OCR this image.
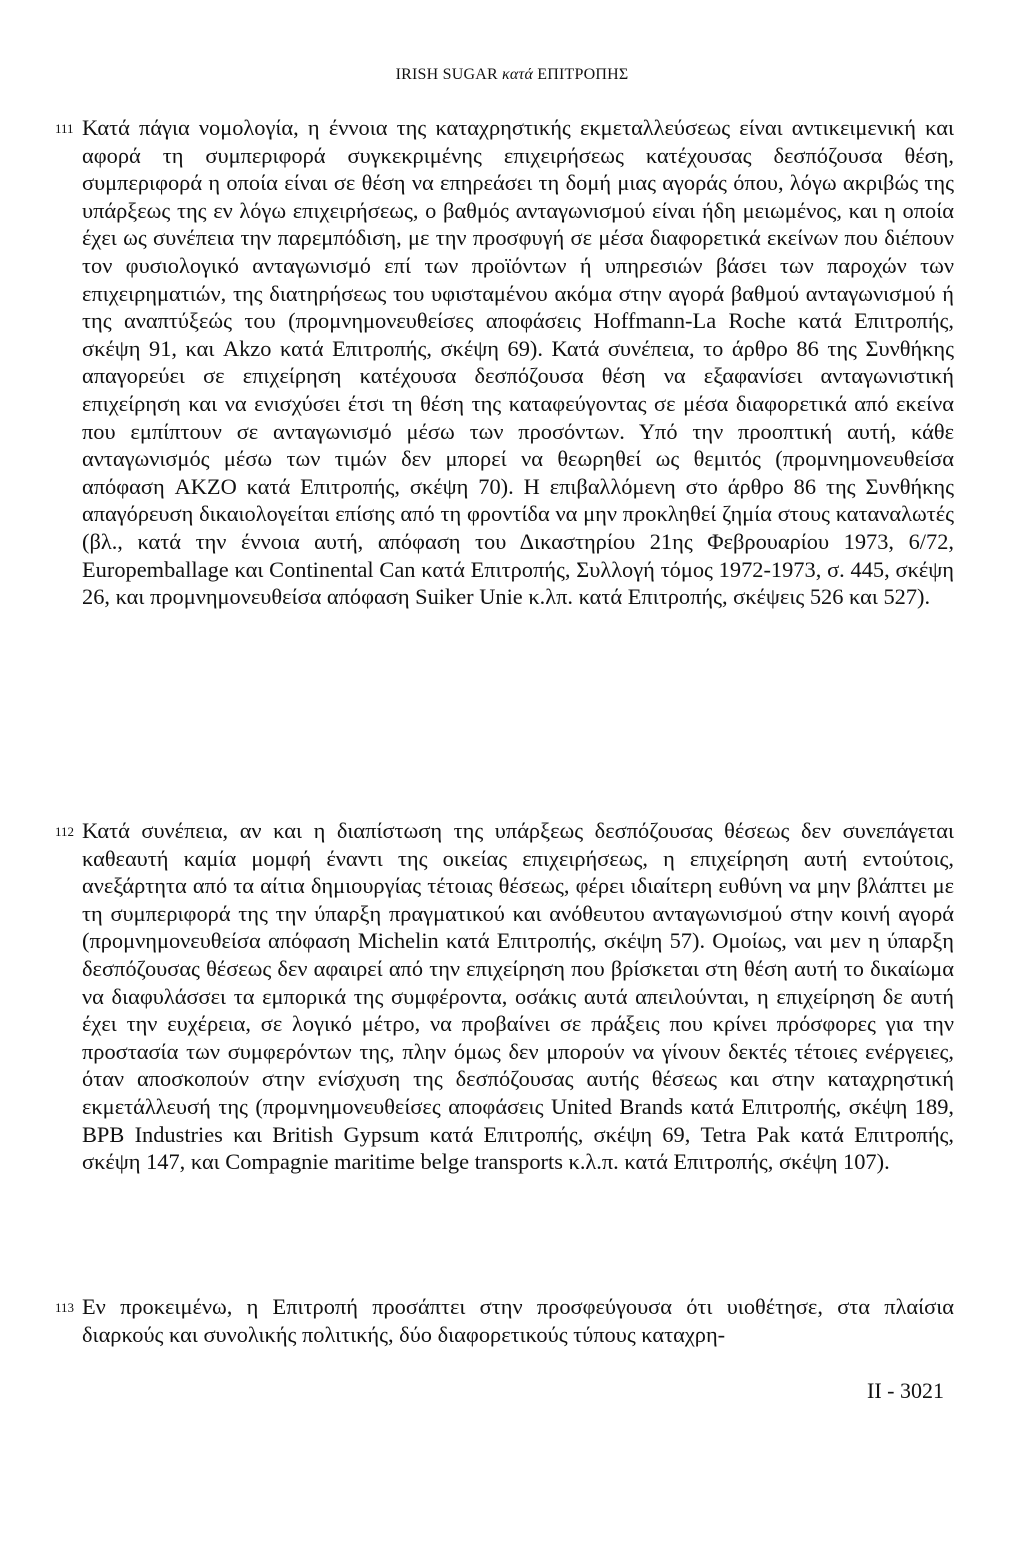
IRISH SUGAR κατά ΕΠΙΤΡΟΠΗΣ
111 Κατά πάγια νομολογία, η έννοια της καταχρηστικής εκμεταλλεύσεως είναι αντικειμενική και αφορά τη συμπεριφορά συγκεκριμένης επιχειρήσεως κατέχουσας δεσπόζουσα θέση, συμπεριφορά η οποία είναι σε θέση να επηρεάσει τη δομή μιας αγοράς όπου, λόγω ακριβώς της υπάρξεως της εν λόγω επιχειρήσεως, ο βαθμός ανταγωνισμού είναι ήδη μειωμένος, και η οποία έχει ως συνέπεια την παρεμπόδιση, με την προσφυγή σε μέσα διαφορετικά εκείνων που διέπουν τον φυσιολογικό ανταγωνισμό επί των προϊόντων ή υπηρεσιών βάσει των παροχών των επιχειρηματιών, της διατηρήσεως του υφισταμένου ακόμα στην αγορά βαθμού ανταγωνισμού ή της αναπτύξεώς του (προμνημονευθείσες αποφάσεις Hoffmann-La Roche κατά Επιτροπής, σκέψη 91, και Akzo κατά Επιτροπής, σκέψη 69). Κατά συνέπεια, το άρθρο 86 της Συνθήκης απαγορεύει σε επιχείρηση κατέχουσα δεσπόζουσα θέση να εξαφανίσει ανταγωνιστική επιχείρηση και να ενισχύσει έτσι τη θέση της καταφεύγοντας σε μέσα διαφορετικά από εκείνα που εμπίπτουν σε ανταγωνισμό μέσω των προσόντων. Υπό την προοπτική αυτή, κάθε ανταγωνισμός μέσω των τιμών δεν μπορεί να θεωρηθεί ως θεμιτός (προμνημονευθείσα απόφαση AKZO κατά Επιτροπής, σκέψη 70). Η επιβαλλόμενη στο άρθρο 86 της Συνθήκης απαγόρευση δικαιολογείται επίσης από τη φροντίδα να μην προκληθεί ζημία στους καταναλωτές (βλ., κατά την έννοια αυτή, απόφαση του Δικαστηρίου 21ης Φεβρουαρίου 1973, 6/72, Europemballage και Continental Can κατά Επιτροπής, Συλλογή τόμος 1972-1973, σ. 445, σκέψη 26, και προμνημονευθείσα απόφαση Suiker Unie κ.λπ. κατά Επιτροπής, σκέψεις 526 και 527).

112 Κατά συνέπεια, αν και η διαπίστωση της υπάρξεως δεσπόζουσας θέσεως δεν συνεπάγεται καθεαυτή καμία μομφή έναντι της οικείας επιχειρήσεως, η επιχείρηση αυτή εντούτοις, ανεξάρτητα από τα αίτια δημιουργίας τέτοιας θέσεως, φέρει ιδιαίτερη ευθύνη να μην βλάπτει με τη συμπεριφορά της την ύπαρξη πραγματικού και ανόθευτου ανταγωνισμού στην κοινή αγορά (προμνημονευθείσα απόφαση Michelin κατά Επιτροπής, σκέψη 57). Ομοίως, ναι μεν η ύπαρξη δεσπόζουσας θέσεως δεν αφαιρεί από την επιχείρηση που βρίσκεται στη θέση αυτή το δικαίωμα να διαφυλάσσει τα εμπορικά της συμφέροντα, οσάκις αυτά απειλούνται, η επιχείρηση δε αυτή έχει την ευχέρεια, σε λογικό μέτρο, να προβαίνει σε πράξεις που κρίνει πρόσφορες για την προστασία των συμφερόντων της, πλην όμως δεν μπορούν να γίνουν δεκτές τέτοιες ενέργειες, όταν αποσκοπούν στην ενίσχυση της δεσπόζουσας αυτής θέσεως και στην καταχρηστική εκμετάλλευσή της (προμνημονευθείσες αποφάσεις United Brands κατά Επιτροπής, σκέψη 189, BPB Industries και British Gypsum κατά Επιτροπής, σκέψη 69, Tetra Pak κατά Επιτροπής, σκέψη 147, και Compagnie maritime belge transports κ.λ.π. κατά Επιτροπής, σκέψη 107).

113 Εν προκειμένω, η Επιτροπή προσάπτει στην προσφεύγουσα ότι υιοθέτησε, στα πλαίσια διαρκούς και συνολικής πολιτικής, δύο διαφορετικούς τύπους καταχρη-

II - 3021
